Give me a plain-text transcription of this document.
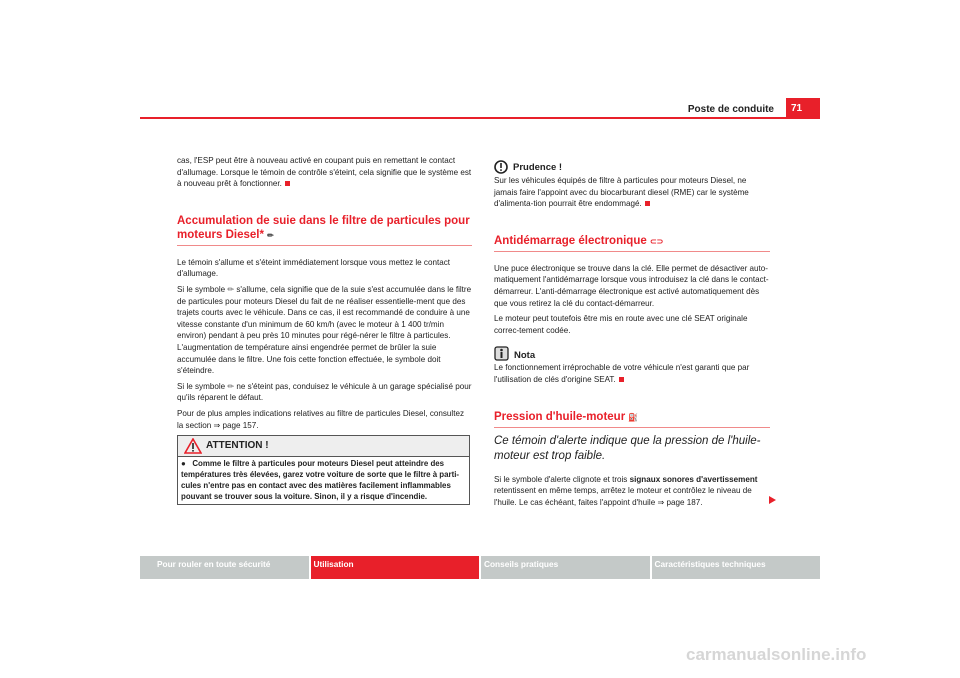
Poste de conduite	71

cas, l'ESP peut être à nouveau activé en coupant puis en remettant le contact d'allumage. Lorsque le témoin de contrôle s'éteint, cela signifie que le système est à nouveau prêt à fonctionner.

Accumulation de suie dans le filtre de particules pour moteurs Diesel* ✏

Le témoin s'allume et s'éteint immédiatement lorsque vous mettez le contact d'allumage.

Si le symbole ✏ s'allume, cela signifie que de la suie s'est accumulée dans le filtre de particules pour moteurs Diesel du fait de ne réaliser essentielle-ment que des trajets courts avec le véhicule. Dans ce cas, il est recommandé de conduire à une vitesse constante d'un minimum de 60 km/h (avec le moteur à 1 400 tr/min environ) pendant à peu près 10 minutes pour régé-nérer le filtre à particules. L'augmentation de température ainsi engendrée permet de brûler la suie accumulée dans le filtre. Une fois cette fonction effectuée, le symbole doit s'éteindre.

Si le symbole ✏ ne s'éteint pas, conduisez le véhicule à un garage spécialisé pour qu'ils réparent le défaut.

Pour de plus amples indications relatives au filtre de particules Diesel, consultez la section ⇒ page 157.

ATTENTION !
●   Comme le filtre à particules pour moteurs Diesel peut atteindre des températures très élevées, garez votre voiture de sorte que le filtre à parti-cules n'entre pas en contact avec des matières facilement inflammables pouvant se trouver sous la voiture. Sinon, il y a risque d'incendie.
Prudence !

Sur les véhicules équipés de filtre à particules pour moteurs Diesel, ne jamais faire l'appoint avec du biocarburant diesel (RME) car le système d'alimenta-tion pourrait être endommagé.

Antidémarrage électronique ⊂⊃

Une puce électronique se trouve dans la clé. Elle permet de désactiver auto-matiquement l'antidémarrage lorsque vous introduisez la clé dans le contact-démarreur. L'anti-démarrage électronique est activé automatiquement dès que vous retirez la clé du contact-démarreur.

Le moteur peut toutefois être mis en route avec une clé SEAT originale correc-tement codée.

Nota

Le fonctionnement irréprochable de votre véhicule n'est garanti que par l'utilisation de clés d'origine SEAT.

Pression d'huile-moteur ⛽
Ce témoin d'alerte indique que la pression de l'huile-moteur est trop faible.

Si le symbole d'alerte clignote et trois signaux sonores d'avertissement retentissent en même temps, arrêtez le moteur et contrôlez le niveau de l'huile. Le cas échéant, faites l'appoint d'huile ⇒ page 187.

Pour rouler en toute sécurité	Utilisation	Conseils pratiques	Caractéristiques techniques
carmanualsonline.info
